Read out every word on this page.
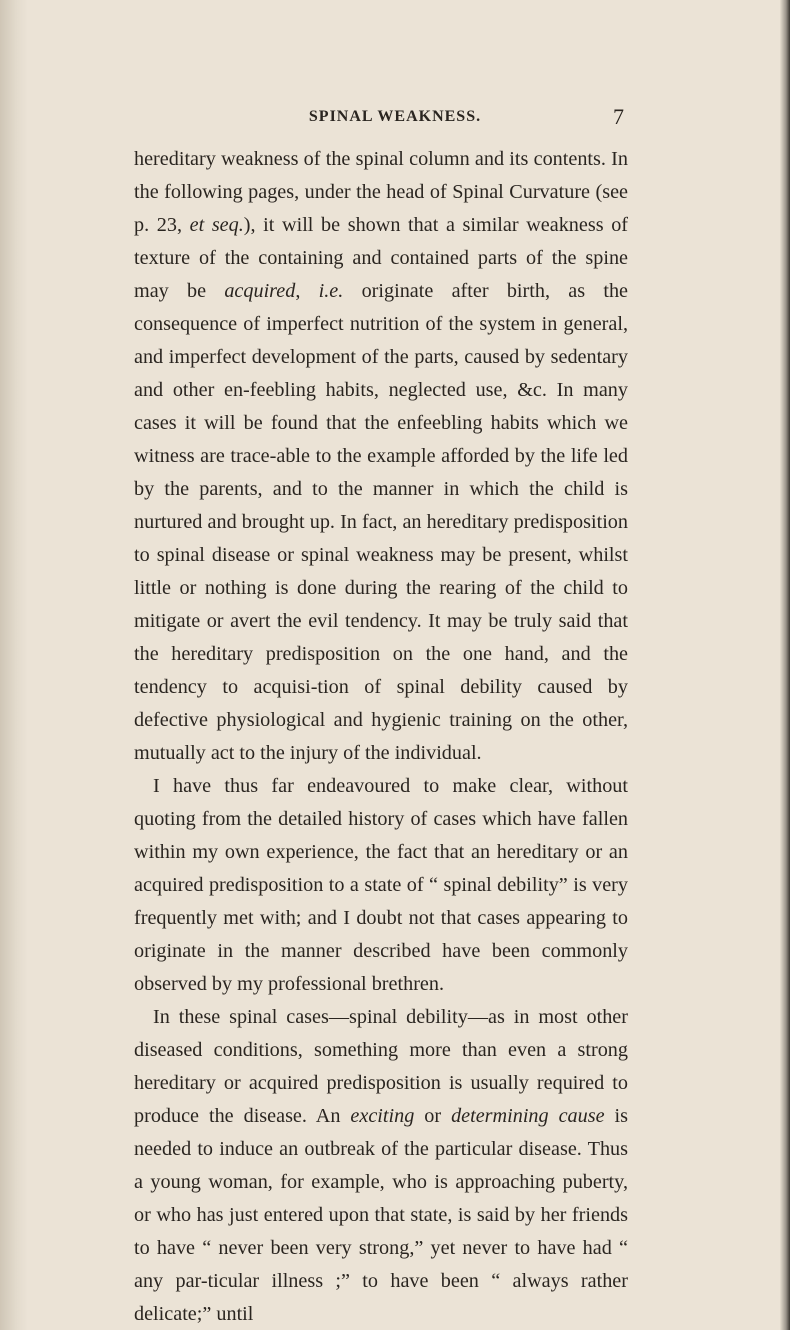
SPINAL WEAKNESS.	7

hereditary weakness of the spinal column and its contents. In the following pages, under the head of Spinal Curvature (see p. 23, et seq.), it will be shown that a similar weakness of texture of the containing and contained parts of the spine may be acquired, i.e. originate after birth, as the consequence of imperfect nutrition of the system in general, and imperfect development of the parts, caused by sedentary and other en-feebling habits, neglected use, &c. In many cases it will be found that the enfeebling habits which we witness are trace-able to the example afforded by the life led by the parents, and to the manner in which the child is nurtured and brought up. In fact, an hereditary predisposition to spinal disease or spinal weakness may be present, whilst little or nothing is done during the rearing of the child to mitigate or avert the evil tendency. It may be truly said that the hereditary predisposition on the one hand, and the tendency to acquisi-tion of spinal debility caused by defective physiological and hygienic training on the other, mutually act to the injury of the individual.

I have thus far endeavoured to make clear, without quoting from the detailed history of cases which have fallen within my own experience, the fact that an hereditary or an acquired predisposition to a state of “ spinal debility” is very frequently met with; and I doubt not that cases appearing to originate in the manner described have been commonly observed by my professional brethren.

In these spinal cases—spinal debility—as in most other diseased conditions, something more than even a strong hereditary or acquired predisposition is usually required to produce the disease. An exciting or determining cause is needed to induce an outbreak of the particular disease. Thus a young woman, for example, who is approaching puberty, or who has just entered upon that state, is said by her friends to have “ never been very strong,” yet never to have had “ any par-ticular illness ;” to have been “ always rather delicate;” until
